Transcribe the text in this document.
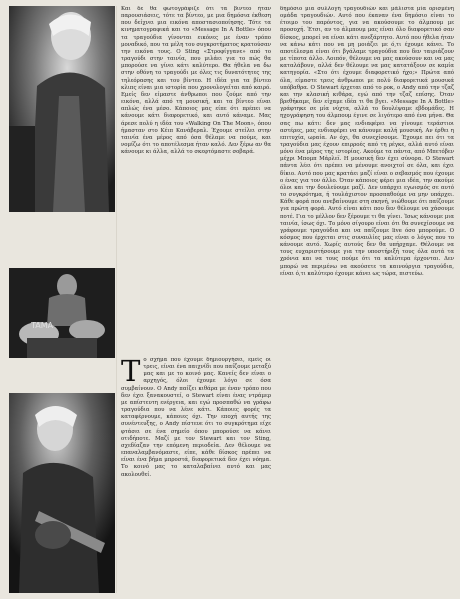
TAMA

Και δε θα φωτογράφιζε ότι τα βιντεο ήταν παρουσιάσεις, τότε τα βίντεο, με μια δημόσια έκθεση που δείχνει μια εικόνα αποστασιοποίησης. Τότε τα κινηματογραφικά και το «Message In A Bottle» όπου τα τραγούδια γίνονται εικόνες με έναν τρόπο μοναδικό, που τα μέλη του συγκροτήματος κρατούσαν την εικόνα τους. Ο Sting «Στροφίγγανε» από το τραγούδι στην ταινία, που μιλάει για το πώς θα μπορούσε να γίνει κάτι καλύτερο. Θα ήθελα να δω στην οθόνη το τραγούδι με όλες τις δυνατότητες της τηλεόρασης και του βίντεο. Η ιδέα για τα βίντεο κλιπς είναι μια ιστορία που χρονολογείται από καιρό. Εμείς δεν είμαστε άνθρωποι που ζούμε από την εικόνα, αλλά από τη μουσική, και τα βίντεο είναι απλώς ένα μέσο. Κάποιος μας είπε ότι πρέπει να κάνουμε κάτι διαφορετικό, και αυτό κάναμε. Μας άρεσε πολύ η ιδέα του «Walking On The Moon», όπου ήμασταν στο Κέιπ Κανάβεραλ. Έχουμε στείλει στην ταινία ένα μέρος από όσα θέλαμε να πούμε, και νομίζω ότι το αποτέλεσμα ήταν καλό. Δεν ξέρω αν θα κάνουμε κι άλλα, αλλά το σκεφτόμαστε σοβαρά.

Tο σχήμα που έχουμε δημιουργήσει, εμείς οι τρεις, είναι ένα παιχνίδι που παίζουμε μεταξύ μας και με το κοινό μας. Κανείς δεν είναι ο αρχηγός, όλοι έχουμε λόγο σε όσα συμβαίνουν. Ο Andy παίζει κιθάρα με έναν τρόπο που δεν έχει ξανακουστεί, ο Stewart είναι ένας ντράμερ με απίστευτη ενέργεια, και εγώ προσπαθώ να γράφω τραγούδια που να λένε κάτι. Κάποιες φορές τα καταφέρνουμε, κάποιες όχι. Την εποχή αυτής της συνέντευξης, ο Andy πίστευε ότι το συγκρότημα είχε φτάσει σε ένα σημείο όπου μπορούσε να κάνει οτιδήποτε. Μαζί με τον Stewart και τον Sting, σχεδίαζαν την επόμενη περιοδεία. Δεν θέλουμε να επαναλαμβανόμαστε, είπε, κάθε δίσκος πρέπει να είναι ένα βήμα μπροστά, διαφορετικά δεν έχει νόημα. Το κοινό μας το καταλαβαίνει αυτό και μας ακολουθεί.

δημόσιο μια συλλογή τραγουδιών και μάλιστα μία ορισμένη ομάδα τραγουδιών. Αυτό που έκαναν ένα δημόσιο είναι το έτοιμο του παρόντος, για να ακούσουμε το άλμπουμ με προσοχή. Έτσι, αν το άλμπουμ μας είναι όλο διαφορετικό σαν δίσκος, μπορεί να είναι κάτι ανεξάρτητο. Αυτό που ήθελα ήταν να κάνω κάτι που να μη μοιάζει με ό,τι έχουμε κάνει. Το αποτέλεσμα είναι ότι βγάλαμε τραγούδια που δεν ταιριάζουν με τίποτα άλλο. Λοιπόν, θέλουμε να μας ακούσουν και να μας καταλάβουν, αλλά δεν θέλουμε να μας κατατάξουν σε καμία κατηγορία. «Στο ότι έχουμε διαφορετικό ήχο;» Πρώτα από όλα, είμαστε τρεις άνθρωποι με πολύ διαφορετικά μουσικά υπόβαθρα. Ο Stewart έρχεται από το ροκ, ο Andy από την τζαζ και την κλασική κιθάρα, εγώ από την τζαζ επίσης. Όταν βρεθήκαμε, δεν είχαμε ιδέα τι θα βγει. «Message In A Bottle» γράφτηκε σε μία νύχτα, αλλά το δουλέψαμε εβδομάδες. Η ηχογράφηση του άλμπουμ έγινε σε λιγότερο από ένα μήνα. Θα σας πω κάτι: δεν μας ενδιαφέρει να γίνουμε τεράστιοι αστέρες, μας ενδιαφέρει να κάνουμε καλή μουσική. Αν έρθει η επιτυχία, ωραία. Αν όχι, θα συνεχίσουμε. Έχουμε πει ότι τα τραγούδια μας έχουν επιρροές από τη ρέγκε, αλλά αυτό είναι μόνο ένα μέρος της ιστορίας. Ακούμε τα πάντα, από Μπετόβεν μέχρι Μπομπ Μάρλεϊ. Η μουσική δεν έχει σύνορα. Ο Stewart πάντα λέει ότι πρέπει να μένουμε ανοιχτοί σε όλα, και έχει δίκιο. Αυτό που μας κρατάει μαζί είναι ο σεβασμός που έχουμε ο ένας για τον άλλο. Όταν κάποιος φέρει μια ιδέα, την ακούμε όλοι και την δουλεύουμε μαζί. Δεν υπάρχει εγωισμός σε αυτό το συγκρότημα, ή τουλάχιστον προσπαθούμε να μην υπάρχει. Κάθε φορά που ανεβαίνουμε στη σκηνή, νιώθουμε ότι παίζουμε για πρώτη φορά. Αυτό είναι κάτι που δεν θέλουμε να χάσουμε ποτέ. Για το μέλλον δεν ξέρουμε τι θα γίνει. Ίσως κάνουμε μια ταινία, ίσως όχι. Το μόνο σίγουρο είναι ότι θα συνεχίσουμε να γράφουμε τραγούδια και να παίζουμε live όσο μπορούμε. Ο κόσμος που έρχεται στις συναυλίες μας είναι ο λόγος που το κάνουμε αυτό. Χωρίς αυτούς δεν θα υπήρχαμε. Θέλουμε να τους ευχαριστήσουμε για την υποστήριξή τους όλα αυτά τα χρόνια και να τους πούμε ότι τα καλύτερα έρχονται. Δεν μπορώ να περιμένω να ακούσετε τα καινούργια τραγούδια, είναι ό,τι καλύτερο έχουμε κάνει ως τώρα, πιστεύω.
